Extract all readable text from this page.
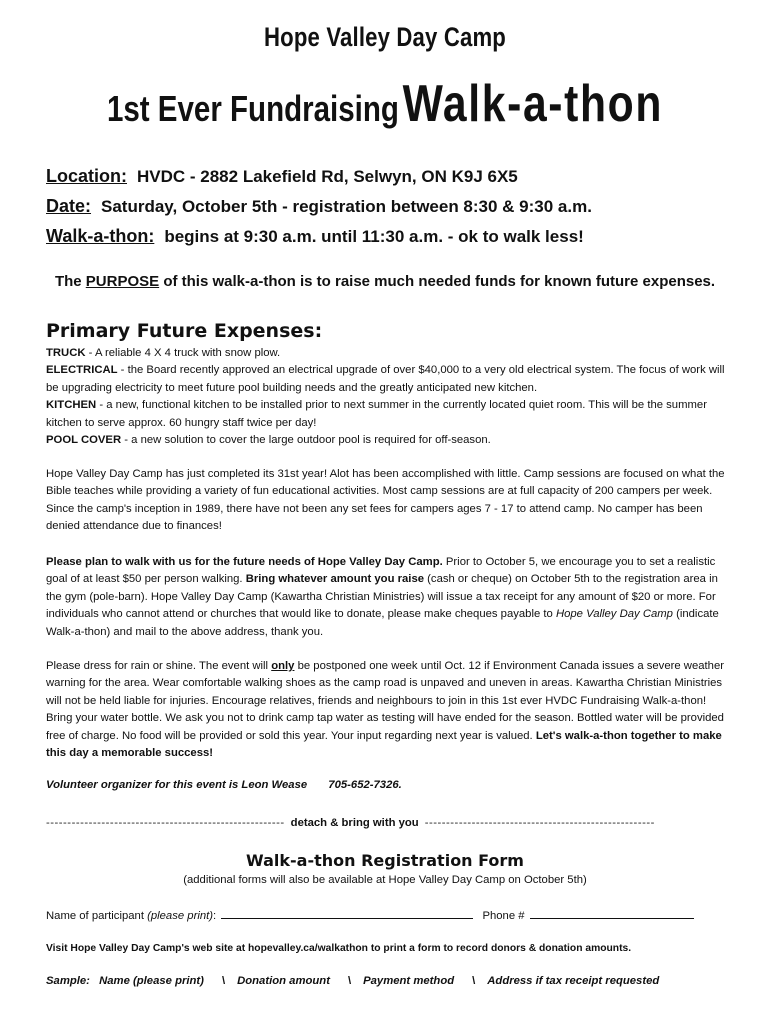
Hope Valley Day Camp
1st Ever Fundraising Walk-a-thon
Location: HVDC - 2882 Lakefield Rd, Selwyn, ON K9J 6X5
Date: Saturday, October 5th - registration between 8:30 & 9:30 a.m.
Walk-a-thon: begins at 9:30 a.m. until 11:30 a.m. - ok to walk less!
The PURPOSE of this walk-a-thon is to raise much needed funds for known future expenses.
Primary Future Expenses:

TRUCK - A reliable 4 X 4 truck with snow plow.

ELECTRICAL - the Board recently approved an electrical upgrade of over $40,000 to a very old electrical system. The focus of work will be upgrading electricity to meet future pool building needs and the greatly anticipated new kitchen.

KITCHEN - a new, functional kitchen to be installed prior to next summer in the currently located quiet room. This will be the summer kitchen to serve approx. 60 hungry staff twice per day!

POOL COVER - a new solution to cover the large outdoor pool is required for off-season.

Hope Valley Day Camp has just completed its 31st year! Alot has been accomplished with little. Camp sessions are focused on what the Bible teaches while providing a variety of fun educational activities. Most camp sessions are at full capacity of 200 campers per week. Since the camp's inception in 1989, there have not been any set fees for campers ages 7 - 17 to attend camp. No camper has been denied attendance due to finances!

Please plan to walk with us for the future needs of Hope Valley Day Camp. Prior to October 5, we encourage you to set a realistic goal of at least $50 per person walking. Bring whatever amount you raise (cash or cheque) on October 5th to the registration area in the gym (pole-barn). Hope Valley Day Camp (Kawartha Christian Ministries) will issue a tax receipt for any amount of $20 or more. For individuals who cannot attend or churches that would like to donate, please make cheques payable to Hope Valley Day Camp (indicate Walk-a-thon) and mail to the above address, thank you.

Please dress for rain or shine. The event will only be postponed one week until Oct. 12 if Environment Canada issues a severe weather warning for the area. Wear comfortable walking shoes as the camp road is unpaved and uneven in areas. Kawartha Christian Ministries will not be held liable for injuries. Encourage relatives, friends and neighbours to join in this 1st ever HVDC Fundraising Walk-a-thon! Bring your water bottle. We ask you not to drink camp tap water as testing will have ended for the season. Bottled water will be provided free of charge. No food will be provided or sold this year. Your input regarding next year is valued. Let's walk-a-thon together to make this day a memorable success!

Volunteer organizer for this event is Leon Wease 705-652-7326.
-------------------------------------------------------- detach & bring with you ------------------------------------------------------
Walk-a-thon Registration Form
(additional forms will also be available at Hope Valley Day Camp on October 5th)
Name of participant (please print):	Phone #
Visit Hope Valley Day Camp's web site at hopevalley.ca/walkathon to print a form to record donors & donation amounts.
Sample: Name (please print) \ Donation amount \ Payment method \ Address if tax receipt requested
